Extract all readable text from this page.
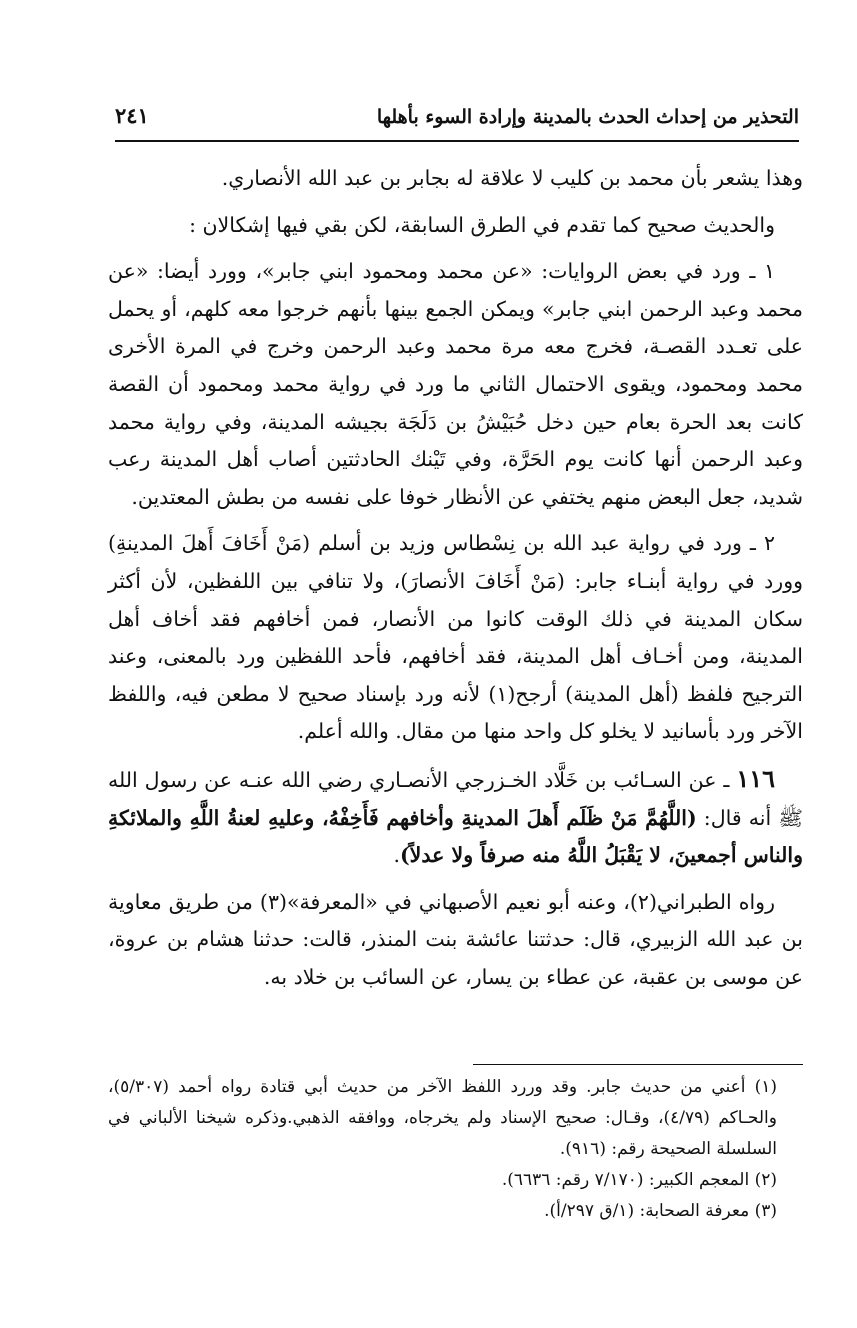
التحذير من إحداث الحدث بالمدينة وإرادة السوء بأهلها
٢٤١

وهذا يشعر بأن محمد بن كليب لا علاقة له بجابر بن عبد الله الأنصاري.

والحديث صحيح كما تقدم في الطرق السابقة، لكن بقي فيها إشكالان :

١ ـ ورد في بعض الروايات: «عن محمد ومحمود ابني جابر»، وورد أيضا: «عن محمد وعبد الرحمن ابني جابر» ويمكن الجمع بينها بأنهم خرجوا معه كلهم، أو يحمل على تعـدد القصـة، فخرج معه مرة محمد وعبد الرحمن وخرج في المرة الأخرى محمد ومحمود، ويقوى الاحتمال الثاني ما ورد في رواية محمد ومحمود أن القصة كانت بعد الحرة بعام حين دخل حُبَيْشُ بن دَلَجَة بجيشه المدينة، وفي رواية محمد وعبد الرحمن أنها كانت يوم الحَرَّة، وفي تَيْنك الحادثتين أصاب أهل المدينة رعب شديد، جعل البعض منهم يختفي عن الأنظار خوفا على نفسه من بطش المعتدين.

٢ ـ ورد في رواية عبد الله بن نِسْطاس وزيد بن أسلم (مَنْ أَخَافَ أَهلَ المدينةِ) وورد في رواية أبنـاء جابر: (مَنْ أَخَافَ الأنصارَ)، ولا تنافي بين اللفظين، لأن أكثر سكان المدينة في ذلك الوقت كانوا من الأنصار، فمن أخافهم فقد أخاف أهل المدينة، ومن أخـاف أهل المدينة، فقد أخافهم، فأحد اللفظين ورد بالمعنى، وعند الترجيح فلفظ (أهل المدينة) أرجح(١) لأنه ورد بإسناد صحيح لا مطعن فيه، واللفظ الآخر ورد بأسانيد لا يخلو كل واحد منها من مقال. والله أعلم.

١١٦ ـ عن السـائب بن خَلَّاد الخـزرجي الأنصـاري رضي الله عنـه عن رسول الله ﷺ أنه قال: (اللَّهُمَّ مَنْ ظَلَم أَهلَ المدينةِ وأخافهم فَأَخِفْهُ، وعليهِ لعنةُ اللَّهِ والملائكةِ والناس أجمعينَ، لا يَقْبَلُ اللَّهُ منه صرفاً ولا عدلاً).

رواه الطبراني(٢)، وعنه أبو نعيم الأصبهاني في «المعرفة»(٣) من طريق معاوية بن عبد الله الزبيري، قال: حدثتنا عائشة بنت المنذر، قالت: حدثنا هشام بن عروة، عن موسى بن عقبة، عن عطاء بن يسار، عن السائب بن خلاد به.

(١) أعني من حديث جابر. وقد وررد اللفظ الآخر من حديث أبي قتادة رواه أحمد (٥/٣٠٧)، والحـاكم (٤/٧٩)، وقـال: صحيح الإسناد ولم يخرجاه، ووافقه الذهبي.وذكره شيخنا الألباني في السلسلة الصحيحة رقم: (٩١٦).

(٢) المعجم الكبير: (٧/١٧٠ رقم: ٦٦٣٦).

(٣) معرفة الصحابة: (١/ق ٢٩٧/أ).
